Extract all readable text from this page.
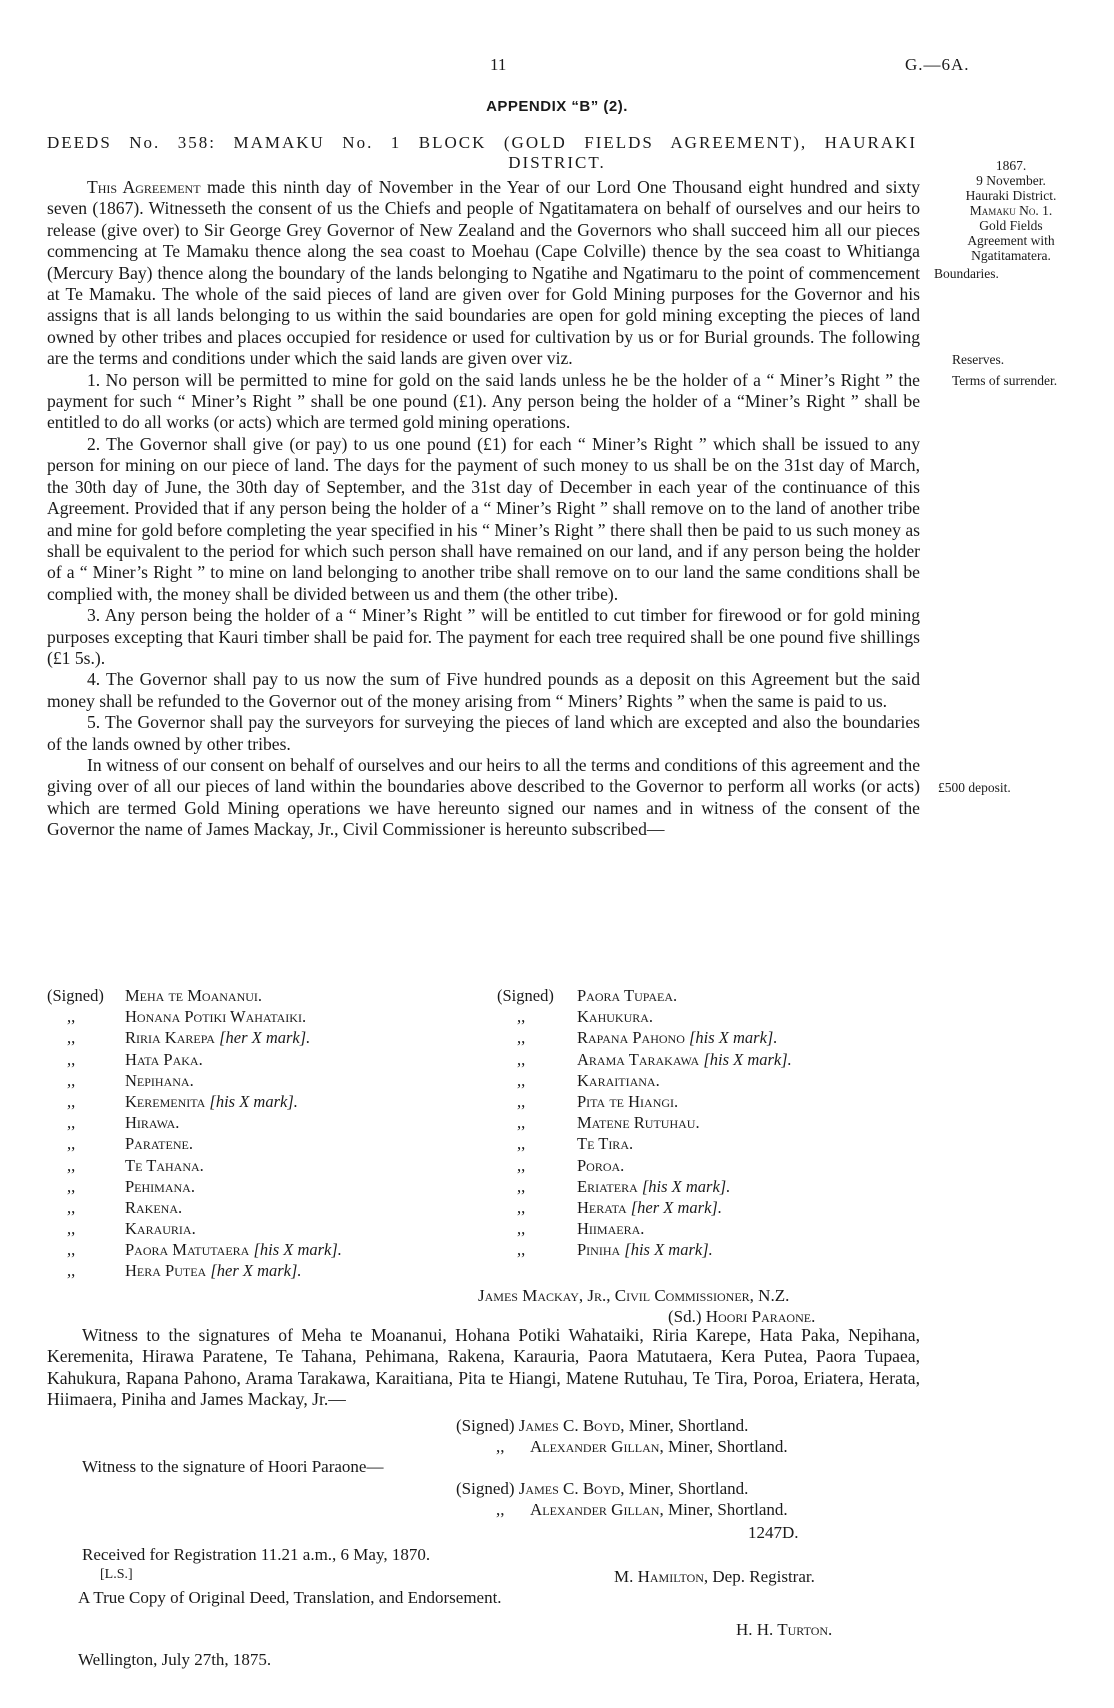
11	G.—6A.
APPENDIX “B” (2).
DEEDS No. 358: MAMAKU No. 1 BLOCK (GOLD FIELDS AGREEMENT), HAURAKI
DISTRICT.	1867.
9 November.
Hauraki District.
Mamaku No. 1.
Gold Fields
Agreement with
Ngatitamatera.
Boundaries.
Reserves.
Terms of surrender.
£500 deposit.

This Agreement made this ninth day of November in the Year of our Lord One Thousand eight hundred and sixty seven (1867). Witnesseth the consent of us the Chiefs and people of Ngatitamatera on behalf of ourselves and our heirs to release (give over) to Sir George Grey Governor of New Zealand and the Governors who shall succeed him all our pieces commencing at Te Mamaku thence along the sea coast to Moehau (Cape Colville) thence by the sea coast to Whitianga (Mercury Bay) thence along the boundary of the lands belonging to Ngatihe and Ngatimaru to the point of commencement at Te Mamaku. The whole of the said pieces of land are given over for Gold Mining purposes for the Governor and his assigns that is all lands belonging to us within the said boundaries are open for gold mining excepting the pieces of land owned by other tribes and places occupied for residence or used for cultivation by us or for Burial grounds. The following are the terms and conditions under which the said lands are given over viz.

1. No person will be permitted to mine for gold on the said lands unless he be the holder of a “ Miner’s Right ” the payment for such “ Miner’s Right ” shall be one pound (£1). Any person being the holder of a “Miner’s Right ” shall be entitled to do all works (or acts) which are termed gold mining operations.

2. The Governor shall give (or pay) to us one pound (£1) for each “ Miner’s Right ” which shall be issued to any person for mining on our piece of land. The days for the payment of such money to us shall be on the 31st day of March, the 30th day of June, the 30th day of September, and the 31st day of December in each year of the continuance of this Agreement. Provided that if any person being the holder of a “ Miner’s Right ” shall remove on to the land of another tribe and mine for gold before completing the year specified in his “ Miner’s Right ” there shall then be paid to us such money as shall be equivalent to the period for which such person shall have remained on our land, and if any person being the holder of a “ Miner’s Right ” to mine on land belonging to another tribe shall remove on to our land the same conditions shall be complied with, the money shall be divided between us and them (the other tribe).

3. Any person being the holder of a “ Miner’s Right ” will be entitled to cut timber for firewood or for gold mining purposes excepting that Kauri timber shall be paid for. The payment for each tree required shall be one pound five shillings (£1 5s.).

4. The Governor shall pay to us now the sum of Five hundred pounds as a deposit on this Agreement but the said money shall be refunded to the Governor out of the money arising from “ Miners’ Rights ” when the same is paid to us.

5. The Governor shall pay the surveyors for surveying the pieces of land which are excepted and also the boundaries of the lands owned by other tribes.

In witness of our consent on behalf of ourselves and our heirs to all the terms and conditions of this agreement and the giving over of all our pieces of land within the boundaries above described to the Governor to perform all works (or acts) which are termed Gold Mining operations we have hereunto signed our names and in witness of the consent of the Governor the name of James Mackay, Jr., Civil Commissioner is hereunto subscribed—

(Signed) Meha te Moananui.
,,	Honana Potiki Wahataiki.
,,	Riria Karepa [her X mark].
,,	Hata Paka.
,,	Nepihana.
,,	Keremenita [his X mark].
,,	Hirawa.
,,	Paratene.
,,	Te Tahana.
,,	Pehimana.
,,	Rakena.
,,	Karauria.
,,	Paora Matutaera [his X mark].
,,	Hera Putea [her X mark].
(Signed) Paora Tupaea.
,,	Kahukura.
,,	Rapana Pahono [his X mark].
,,	Arama Tarakawa [his X mark].
,,	Karaitiana.
,,	Pita te Hiangi.
,,	Matene Rutuhau.
,,	Te Tira.
,,	Poroa.
,,	Eriatera [his X mark].
,,	Herata [her X mark].
,,	Hiimaera.
,,	Piniha [his X mark].
James Mackay, Jr., Civil Commissioner, N.Z.
(Sd.) Hoori Paraone.
Witness to the signatures of Meha te Moananui, Hohana Potiki Wahataiki, Riria Karepe, Hata Paka, Nepihana, Keremenita, Hirawa Paratene, Te Tahana, Pehimana, Rakena, Karauria, Paora Matutaera, Kera Putea, Paora Tupaea, Kahukura, Rapana Pahono, Arama Tarakawa, Karaitiana, Pita te Hiangi, Matene Rutuhau, Te Tira, Poroa, Eriatera, Herata, Hiimaera, Piniha and James Mackay, Jr.—
(Signed) James C. Boyd, Miner, Shortland.
,, Alexander Gillan, Miner, Shortland.
Witness to the signature of Hoori Paraone—
(Signed) James C. Boyd, Miner, Shortland.
,, Alexander Gillan, Miner, Shortland.
1247D.
Received for Registration 11.21 a.m., 6 May, 1870.
[L.S.]	M. Hamilton, Dep. Registrar.
A True Copy of Original Deed, Translation, and Endorsement.
H. H. Turton.
Wellington, July 27th, 1875.
